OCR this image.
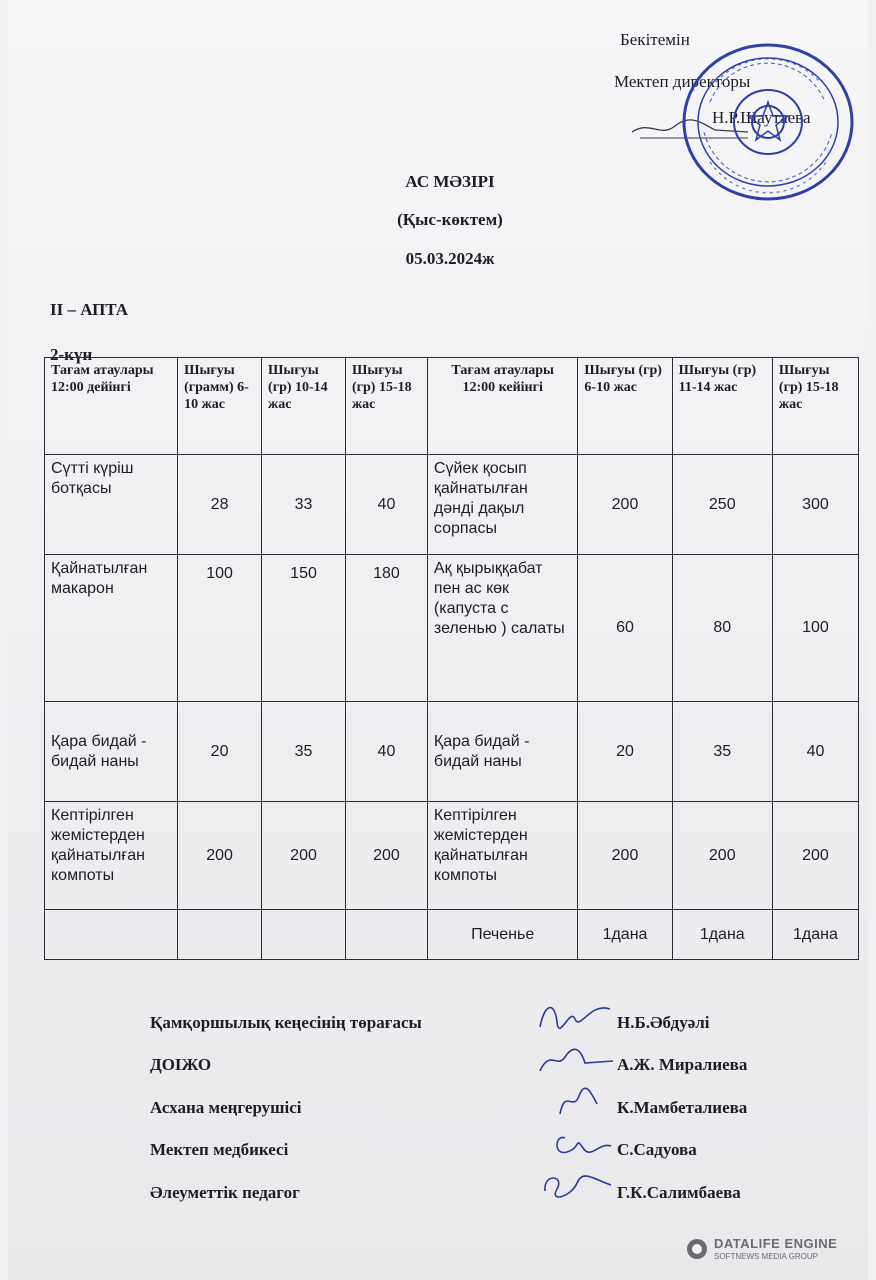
Бекітемін
Мектеп директоры
Н.Р.Шаутаева
АС МӘЗІРІ
(Қыс-көктем)
05.03.2024ж
ІІ – АПТА
2-күн
Тағам атаулары 12:00 дейінгі	Шығуы (грамм) 6-10 жас	Шығуы (гр) 10-14 жас	Шығуы (гр) 15-18 жас	Тағам атаулары 12:00 кейінгі	Шығуы (гр) 6-10 жас	Шығуы (гр) 11-14 жас	Шығуы (гр) 15-18 жас
Сүтті күріш ботқасы	28	33	40	Сүйек қосып қайнатылған дәнді дақыл сорпасы	200	250	300
Қайнатылған макарон	100	150	180	Ақ қырыққабат пен ас көк (капуста с зеленью ) салаты	60	80	100
Қара бидай - бидай наны	20	35	40	Қара бидай - бидай наны	20	35	40
Кептірілген жемістерден қайнатылған компоты	200	200	200	Кептірілген жемістерден қайнатылған компоты	200	200	200
				Печенье	1дана	1дана	1дана
Қамқоршылық кеңесінің төрағасы	Н.Б.Әбдуәлі
ДОІЖО	А.Ж. Миралиева
Асхана меңгерушісі	К.Мамбеталиева
Мектеп медбикесі	С.Садуова
Әлеуметтік педагог	Г.К.Салимбаева
DATALIFE ENGINE
SOFTNEWS MEDIA GROUP
